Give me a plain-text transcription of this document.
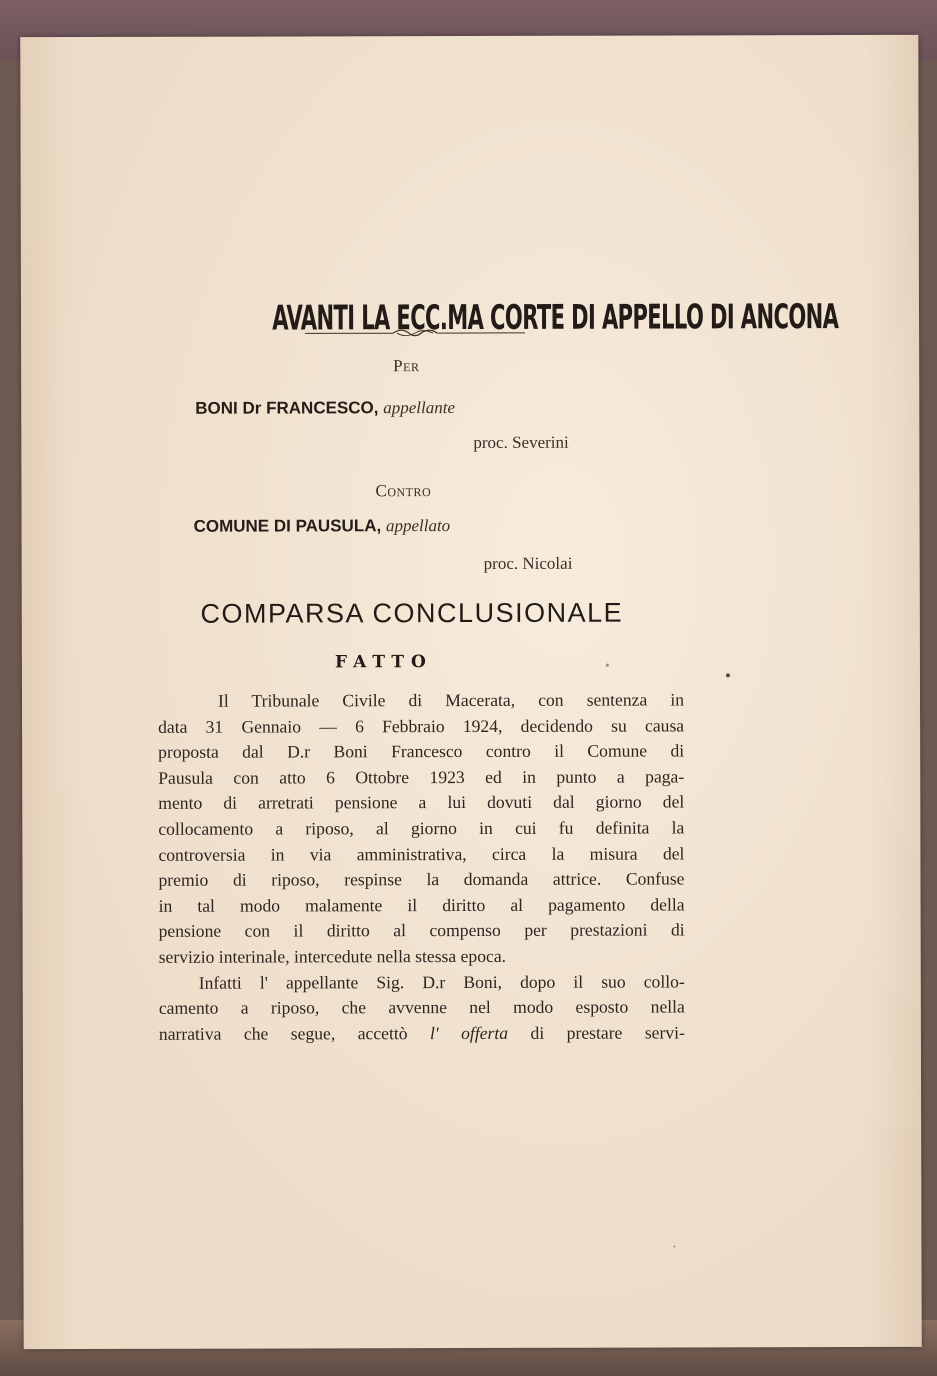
AVANTI LA ECC.MA CORTE DI APPELLO DI ANCONA
Per
BONI Dr FRANCESCO, appellante
proc. Severini
Contro
COMUNE DI PAUSULA, appellato
proc. Nicolai
COMPARSA CONCLUSIONALE
FATTO
Il Tribunale Civile di Macerata, con sentenza in
data 31 Gennaio — 6 Febbraio 1924, decidendo su causa
proposta dal D.r Boni Francesco contro il Comune di
Pausula con atto 6 Ottobre 1923 ed in punto a paga-
mento di arretrati pensione a lui dovuti dal giorno del
collocamento a riposo, al giorno in cui fu definita la
controversia in via amministrativa, circa la misura del
premio di riposo, respinse la domanda attrice. Confuse
in tal modo malamente il diritto al pagamento della
pensione con il diritto al compenso per prestazioni di
servizio interinale, intercedute nella stessa epoca.
Infatti l' appellante Sig. D.r Boni, dopo il suo collo-
camento a riposo, che avvenne nel modo esposto nella
narrativa che segue, accettò l' offerta di prestare servi-
